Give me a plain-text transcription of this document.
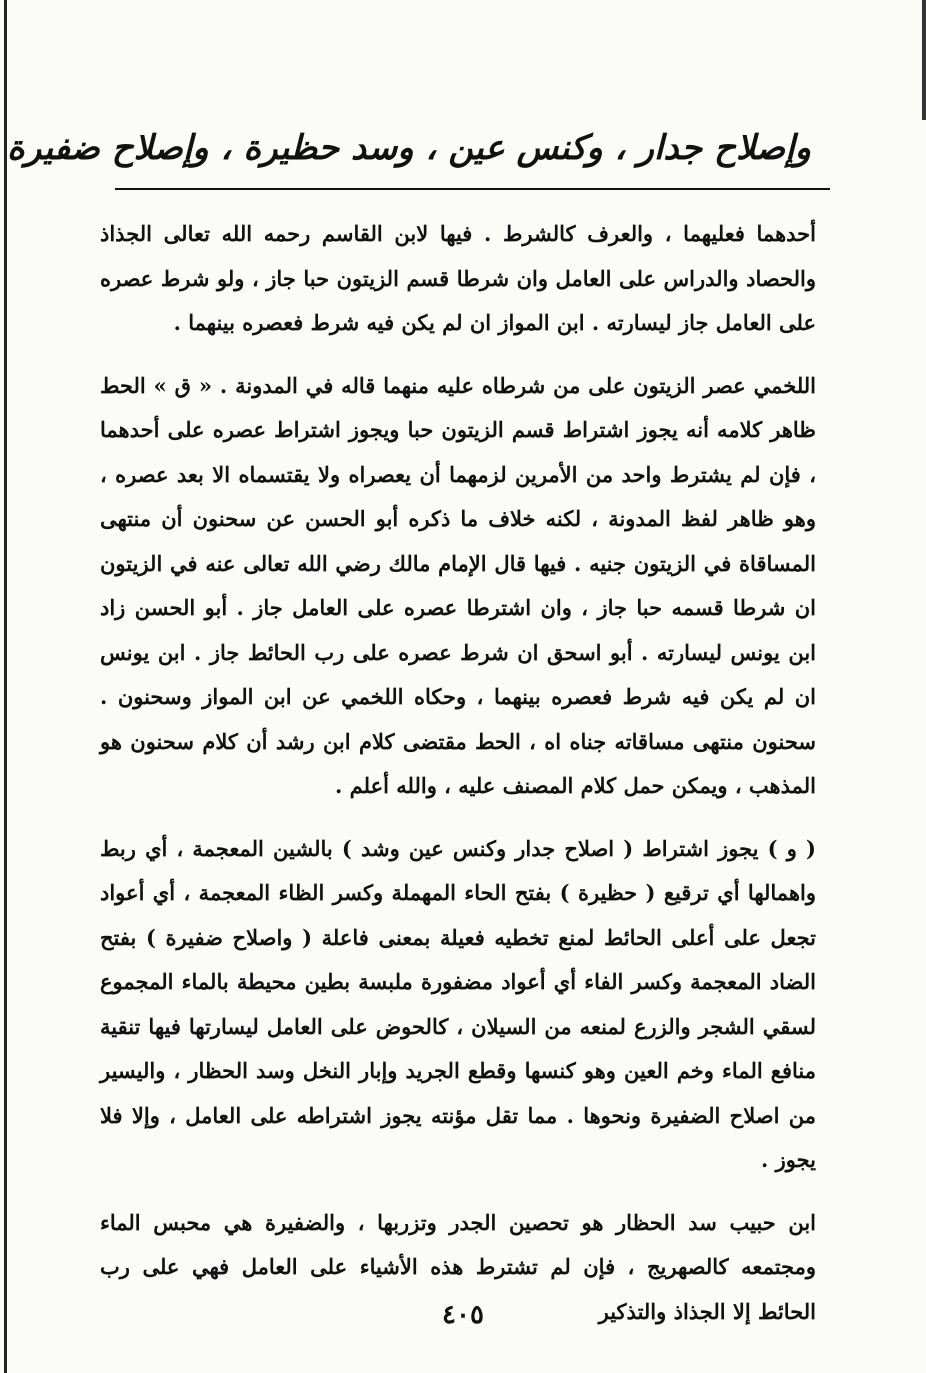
وإصلاح جدار ، وكنس عين ، وسد حظيرة ، وإصلاح ضفيرة

أحدهما فعليهما ، والعرف كالشرط . فيها لابن القاسم رحمه الله تعالى الجذاذ والحصاد والدراس على العامل وان شرطا قسم الزيتون حبا جاز ، ولو شرط عصره على العامل جاز ليسارته . ابن المواز ان لم يكن فيه شرط فعصره بينهما .

اللخمي عصر الزيتون على من شرطاه عليه منهما قاله في المدونة . « ق » الحط ظاهر كلامه أنه يجوز اشتراط قسم الزيتون حبا ويجوز اشتراط عصره على أحدهما ، فإن لم يشترط واحد من الأمرين لزمهما أن يعصراه ولا يقتسماه الا بعد عصره ، وهو ظاهر لفظ المدونة ، لكنه خلاف ما ذكره أبو الحسن عن سحنون أن منتهى المساقاة في الزيتون جنيه . فيها قال الإمام مالك رضي الله تعالى عنه في الزيتون ان شرطا قسمه حبا جاز ، وان اشترطا عصره على العامل جاز . أبو الحسن زاد ابن يونس ليسارته . أبو اسحق ان شرط عصره على رب الحائط جاز . ابن يونس ان لم يكن فيه شرط فعصره بينهما ، وحكاه اللخمي عن ابن المواز وسحنون . سحنون منتهى مساقاته جناه اه ، الحط مقتضى كلام ابن رشد أن كلام سحنون هو المذهب ، ويمكن حمل كلام المصنف عليه ، والله أعلم .

( و ) يجوز اشتراط ( اصلاح جدار وكنس عين وشد ) بالشين المعجمة ، أي ربط واهمالها أي ترقيع ( حظيرة ) بفتح الحاء المهملة وكسر الظاء المعجمة ، أي أعواد تجعل على أعلى الحائط لمنع تخطيه فعيلة بمعنى فاعلة ( واصلاح ضفيرة ) بفتح الضاد المعجمة وكسر الفاء أي أعواد مضفورة ملبسة بطين محيطة بالماء المجموع لسقي الشجر والزرع لمنعه من السيلان ، كالحوض على العامل ليسارتها فيها تنقية منافع الماء وخم العين وهو كنسها وقطع الجريد وإبار النخل وسد الحظار ، واليسير من اصلاح الضفيرة ونحوها . مما تقل مؤنته يجوز اشتراطه على العامل ، وإلا فلا يجوز .

ابن حبيب سد الحظار هو تحصين الجدر وتزربها ، والضفيرة هي محبس الماء ومجتمعه كالصهريج ، فإن لم تشترط هذه الأشياء على العامل فهي على رب الحائط إلا الجذاذ والتذكير

٤٠٥
